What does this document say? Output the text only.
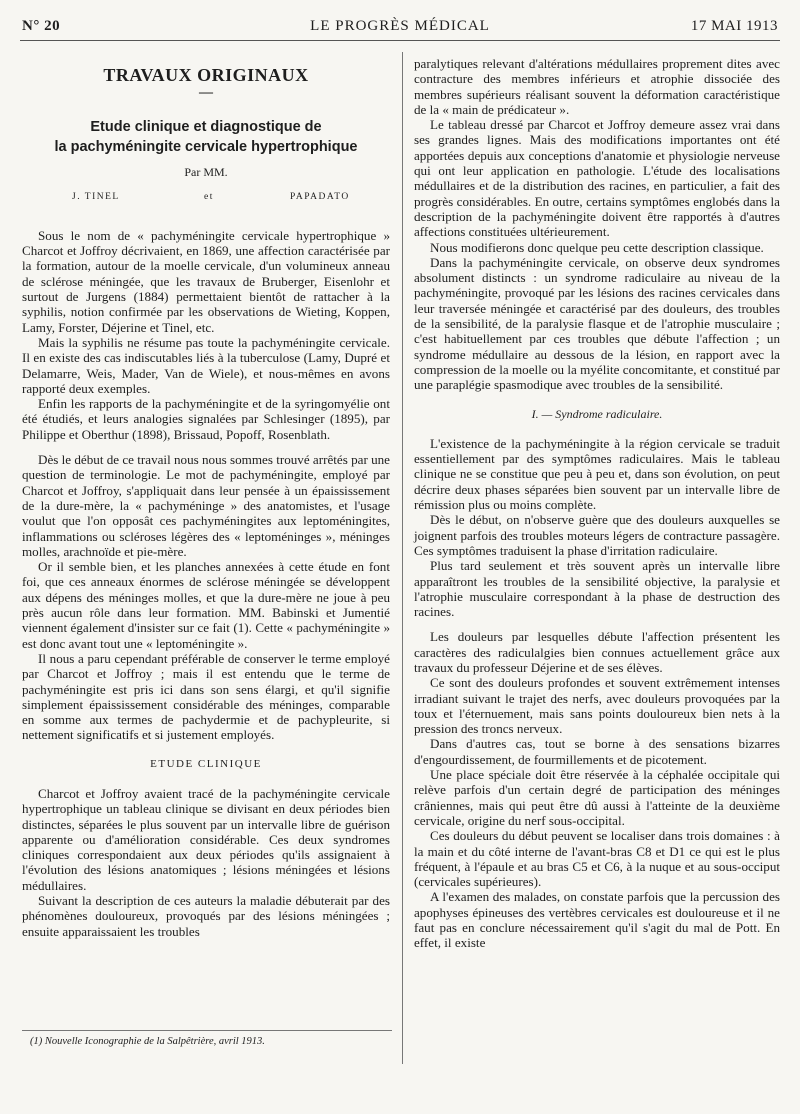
N° 20	LE PROGRÈS MÉDICAL	17 MAI 1913
TRAVAUX ORIGINAUX
—
Etude clinique et diagnostique de
la pachyméningite cervicale hypertrophique
Par MM.
J. TINEL	et	PAPADATO

Sous le nom de « pachyméningite cervicale hypertrophique » Charcot et Joffroy décrivaient, en 1869, une affection caractérisée par la formation, autour de la moelle cervicale, d'un volumineux anneau de sclérose méningée, que les travaux de Bruberger, Eisenlohr et surtout de Jurgens (1884) permettaient bientôt de rattacher à la syphilis, notion confirmée par les observations de Wieting, Koppen, Lamy, Forster, Déjerine et Tinel, etc.

Mais la syphilis ne résume pas toute la pachyméningite cervicale. Il en existe des cas indiscutables liés à la tuberculose (Lamy, Dupré et Delamarre, Weis, Mader, Van de Wiele), et nous-mêmes en avons rapporté deux exemples.

Enfin les rapports de la pachyméningite et de la syringomyélie ont été étudiés, et leurs analogies signalées par Schlesinger (1895), par Philippe et Oberthur (1898), Brissaud, Popoff, Rosenblath.

Dès le début de ce travail nous nous sommes trouvé arrêtés par une question de terminologie. Le mot de pachyméningite, employé par Charcot et Joffroy, s'appliquait dans leur pensée à un épaississement de la dure-mère, la « pachyméninge » des anatomistes, et l'usage voulut que l'on opposât ces pachyméningites aux leptoméningites, inflammations ou scléroses légères des « leptoméninges », méninges molles, arachnoïde et pie-mère.

Or il semble bien, et les planches annexées à cette étude en font foi, que ces anneaux énormes de sclérose méningée se développent aux dépens des méninges molles, et que la dure-mère ne joue à peu près aucun rôle dans leur formation. MM. Babinski et Jumentié viennent également d'insister sur ce fait (1). Cette « pachyméningite » est donc avant tout une « leptoméningite ».

Il nous a paru cependant préférable de conserver le terme employé par Charcot et Joffroy ; mais il est entendu que le terme de pachyméningite est pris ici dans son sens élargi, et qu'il signifie simplement épaississement considérable des méninges, comparable en somme aux termes de pachydermie et de pachypleurite, si nettement significatifs et si justement employés.

ETUDE CLINIQUE

Charcot et Joffroy avaient tracé de la pachyméningite cervicale hypertrophique un tableau clinique se divisant en deux périodes bien distinctes, séparées le plus souvent par un intervalle libre de guérison apparente ou d'amélioration considérable. Ces deux syndromes cliniques correspondaient aux deux périodes qu'ils assignaient à l'évolution des lésions anatomiques ; lésions méningées et lésions médullaires.

Suivant la description de ces auteurs la maladie débuterait par des phénomènes douloureux, provoqués par des lésions méningées ; ensuite apparaissaient les troubles

(1) Nouvelle Iconographie de la Salpêtrière, avril 1913.

paralytiques relevant d'altérations médullaires proprement dites avec contracture des membres inférieurs et atrophie dissociée des membres supérieurs réalisant souvent la déformation caractéristique de la « main de prédicateur ».

Le tableau dressé par Charcot et Joffroy demeure assez vrai dans ses grandes lignes. Mais des modifications importantes ont été apportées depuis aux conceptions d'anatomie et physiologie nerveuse qui ont leur application en pathologie. L'étude des localisations médullaires et de la distribution des racines, en particulier, a fait des progrès considérables. En outre, certains symptômes englobés dans la description de la pachyméningite doivent être rapportés à d'autres affections constituées ultérieurement.

Nous modifierons donc quelque peu cette description classique.

Dans la pachyméningite cervicale, on observe deux syndromes absolument distincts : un syndrome radiculaire au niveau de la pachyméningite, provoqué par les lésions des racines cervicales dans leur traversée méningée et caractérisé par des douleurs, des troubles de la sensibilité, de la paralysie flasque et de l'atrophie musculaire ; c'est habituellement par ces troubles que débute l'affection ; un syndrome médullaire au dessous de la lésion, en rapport avec la compression de la moelle ou la myélite concomitante, et constitué par une paraplégie spasmodique avec troubles de la sensibilité.

I. — Syndrome radiculaire.

L'existence de la pachyméningite à la région cervicale se traduit essentiellement par des symptômes radiculaires. Mais le tableau clinique ne se constitue que peu à peu et, dans son évolution, on peut décrire deux phases séparées bien souvent par un intervalle libre de rémission plus ou moins complète.

Dès le début, on n'observe guère que des douleurs auxquelles se joignent parfois des troubles moteurs légers de contracture passagère. Ces symptômes traduisent la phase d'irritation radiculaire.

Plus tard seulement et très souvent après un intervalle libre apparaîtront les troubles de la sensibilité objective, la paralysie et l'atrophie musculaire correspondant à la phase de destruction des racines.

Les douleurs par lesquelles débute l'affection présentent les caractères des radiculalgies bien connues actuellement grâce aux travaux du professeur Déjerine et de ses élèves.

Ce sont des douleurs profondes et souvent extrêmement intenses irradiant suivant le trajet des nerfs, avec douleurs provoquées par la toux et l'éternuement, mais sans points douloureux bien nets à la pression des troncs nerveux.

Dans d'autres cas, tout se borne à des sensations bizarres d'engourdissement, de fourmillements et de picotement.

Une place spéciale doit être réservée à la céphalée occipitale qui relève parfois d'un certain degré de participation des méninges crâniennes, mais qui peut être dû aussi à l'atteinte de la deuxième cervicale, origine du nerf sous-occipital.

Ces douleurs du début peuvent se localiser dans trois domaines : à la main et du côté interne de l'avant-bras C8 et D1 ce qui est le plus fréquent, à l'épaule et au bras C5 et C6, à la nuque et au sous-occiput (cervicales supérieures).

A l'examen des malades, on constate parfois que la percussion des apophyses épineuses des vertèbres cervicales est douloureuse et il ne faut pas en conclure nécessairement qu'il s'agit du mal de Pott. En effet, il existe
